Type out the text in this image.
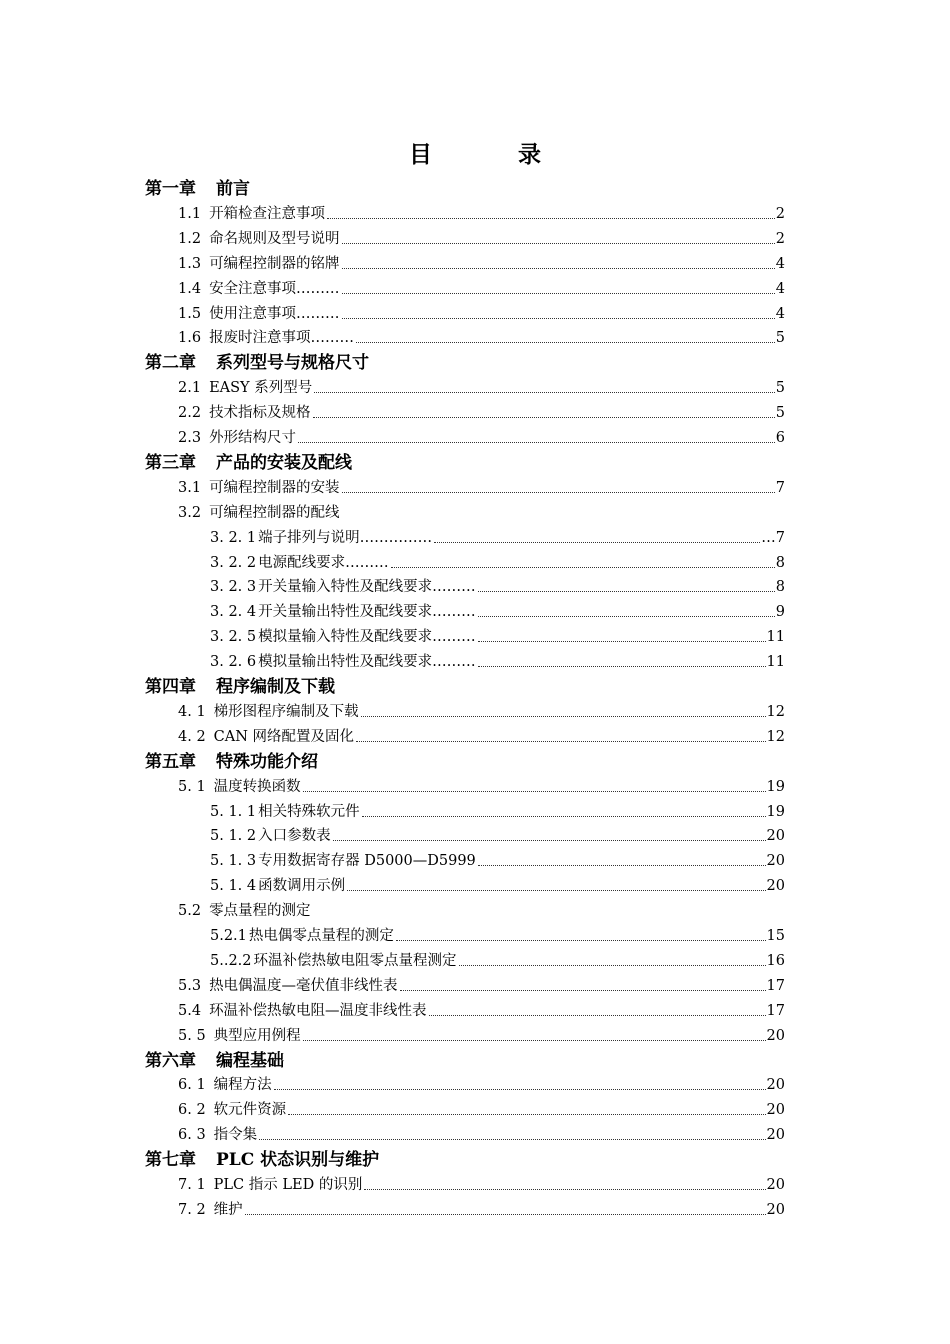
目	录
第一章 前言
1.1 开箱检查注意事项	2
1.2 命名规则及型号说明	2
1.3 可编程控制器的铭牌	4
1.4 安全注意事项………	4
1.5 使用注意事项………	4
1.6 报废时注意事项………	5
第二章 系列型号与规格尺寸
2.1 EASY 系列型号	5
2.2 技术指标及规格	5
2.3 外形结构尺寸	6
第三章 产品的安装及配线
3.1 可编程控制器的安装	7
3.2 可编程控制器的配线
3. 2. 1 端子排列与说明……………	…7
3. 2. 2 电源配线要求………	8
3. 2. 3 开关量输入特性及配线要求………	8
3. 2. 4 开关量输出特性及配线要求………	9
3. 2. 5 模拟量输入特性及配线要求………	11
3. 2. 6 模拟量输出特性及配线要求………	11
第四章 程序编制及下载
4. 1 梯形图程序编制及下载	12
4. 2 CAN 网络配置及固化	12
第五章 特殊功能介绍
5. 1 温度转换函数	19
5. 1. 1 相关特殊软元件	19
5. 1. 2 入口参数表	20
5. 1. 3 专用数据寄存器 D5000—D5999	20
5. 1. 4 函数调用示例	20
5.2 零点量程的测定
5.2.1 热电偶零点量程的测定	15
5..2.2 环温补偿热敏电阻零点量程测定	16
5.3 热电偶温度—毫伏值非线性表	17
5.4 环温补偿热敏电阻—温度非线性表	17
5. 5 典型应用例程	20
第六章 编程基础
6. 1 编程方法	20
6. 2 软元件资源	20
6. 3 指令集	20
第七章 PLC 状态识别与维护
7. 1 PLC 指示 LED 的识别	20
7. 2 维护	20
